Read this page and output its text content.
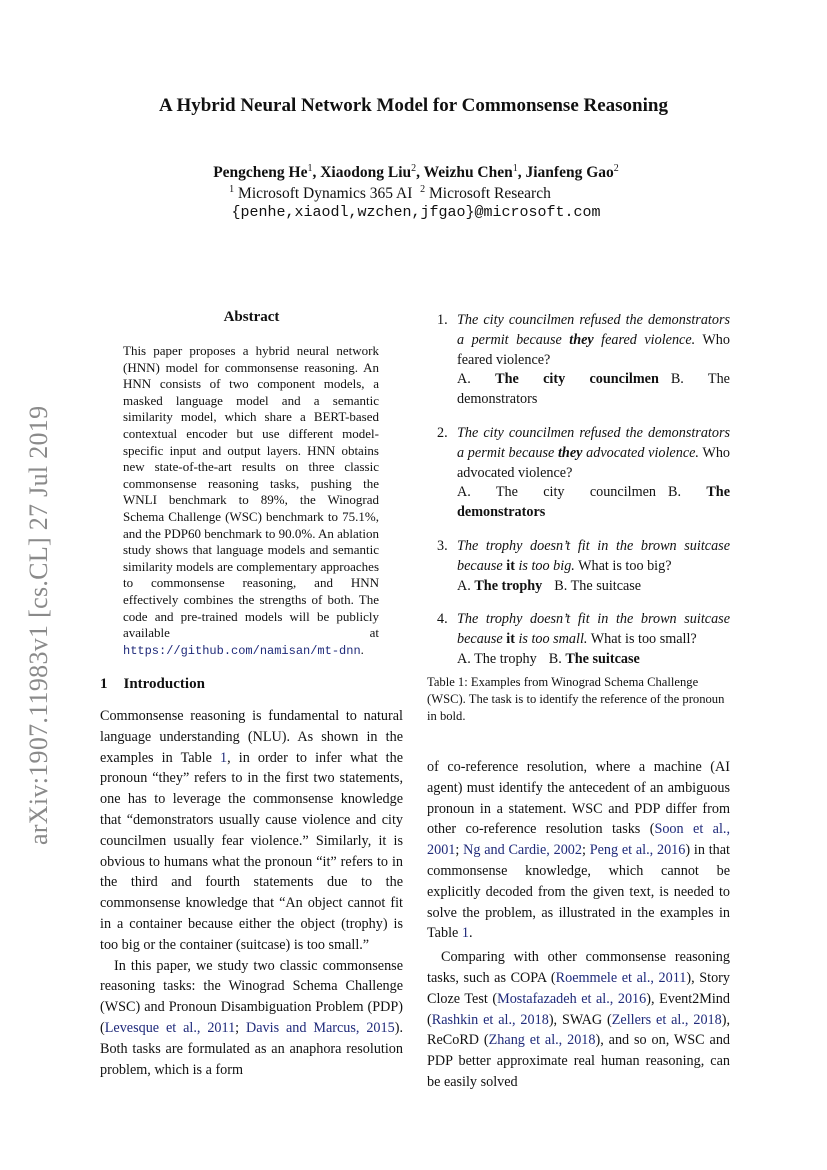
arXiv:1907.11983v1 [cs.CL] 27 Jul 2019
A Hybrid Neural Network Model for Commonsense Reasoning
Pengcheng He$^1$, Xiaodong Liu$^2$, Weizhu Chen$^1$, Jianfeng Gao$^2$
$^1$ Microsoft Dynamics 365 AI $^2$ Microsoft Research
{penhe,xiaodl,wzchen,jfgao}@microsoft.com
Abstract
This paper proposes a hybrid neural network (HNN) model for commonsense reasoning. An HNN consists of two component models, a masked language model and a semantic similarity model, which share a BERT-based contextual encoder but use different model-specific input and output layers. HNN obtains new state-of-the-art results on three classic commonsense reasoning tasks, pushing the WNLI benchmark to 89%, the Winograd Schema Challenge (WSC) benchmark to 75.1%, and the PDP60 benchmark to 90.0%. An ablation study shows that language models and semantic similarity models are complementary approaches to commonsense reasoning, and HNN effectively combines the strengths of both. The code and pre-trained models will be publicly available at https://github.com/namisan/mt-dnn.
1. The city councilmen refused the demonstrators a permit because they feared violence. Who feared violence?
A. The city councilmen B. The demonstrators
2. The city councilmen refused the demonstrators a permit because they advocated violence. Who advocated violence?
A. The city councilmen B. The demonstrators
3. The trophy doesn’t fit in the brown suitcase because it is too big. What is too big?
A. The trophy B. The suitcase
4. The trophy doesn’t fit in the brown suitcase because it is too small. What is too small?
A. The trophy B. The suitcase
Table 1: Examples from Winograd Schema Challenge (WSC). The task is to identify the reference of the pronoun in bold.
1 Introduction

Commonsense reasoning is fundamental to natural language understanding (NLU). As shown in the examples in Table 1, in order to infer what the pronoun “they” refers to in the first two statements, one has to leverage the commonsense knowledge that “demonstrators usually cause violence and city councilmen usually fear violence.” Similarly, it is obvious to humans what the pronoun “it” refers to in the third and fourth statements due to the commonsense knowledge that “An object cannot fit in a container because either the object (trophy) is too big or the container (suitcase) is too small.”

In this paper, we study two classic commonsense reasoning tasks: the Winograd Schema Challenge (WSC) and Pronoun Disambiguation Problem (PDP) (Levesque et al., 2011; Davis and Marcus, 2015). Both tasks are formulated as an anaphora resolution problem, which is a form

of co-reference resolution, where a machine (AI agent) must identify the antecedent of an ambiguous pronoun in a statement. WSC and PDP differ from other co-reference resolution tasks (Soon et al., 2001; Ng and Cardie, 2002; Peng et al., 2016) in that commonsense knowledge, which cannot be explicitly decoded from the given text, is needed to solve the problem, as illustrated in the examples in Table 1.

Comparing with other commonsense reasoning tasks, such as COPA (Roemmele et al., 2011), Story Cloze Test (Mostafazadeh et al., 2016), Event2Mind (Rashkin et al., 2018), SWAG (Zellers et al., 2018), ReCoRD (Zhang et al., 2018), and so on, WSC and PDP better approximate real human reasoning, can be easily solved
